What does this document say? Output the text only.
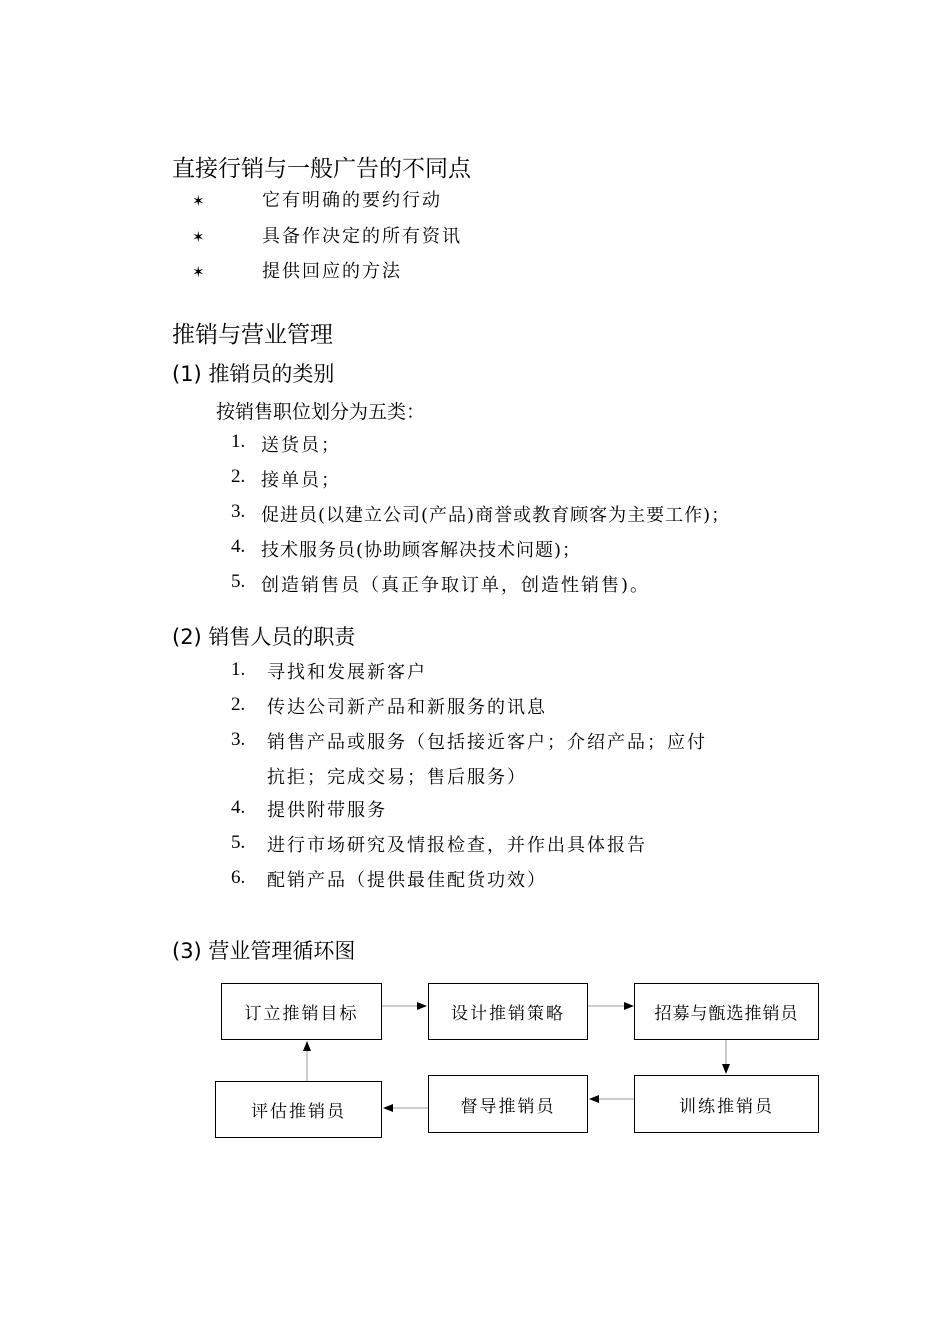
直接行销与一般广告的不同点
✶	它有明确的要约行动
✶	具备作决定的所有资讯
✶	提供回应的方法
推销与营业管理
(1) 推销员的类别
按销售职位划分为五类：
1. 送货员；
2. 接单员；
3. 促进员(以建立公司(产品)商誉或教育顾客为主要工作)；
4. 技术服务员(协助顾客解决技术问题)；
5. 创造销售员（真正争取订单，创造性销售)。
(2) 销售人员的职责
1. 寻找和发展新客户
2. 传达公司新产品和新服务的讯息
3. 销售产品或服务（包括接近客户；介绍产品；应付
抗拒；完成交易；售后服务）
4. 提供附带服务
5. 进行市场研究及情报检查，并作出具体报告
6. 配销产品（提供最佳配货功效）
(3) 营业管理循环图
订立推销目标	设计推销策略	招募与甑选推销员
训练推销员
督导推销员
评估推销员
